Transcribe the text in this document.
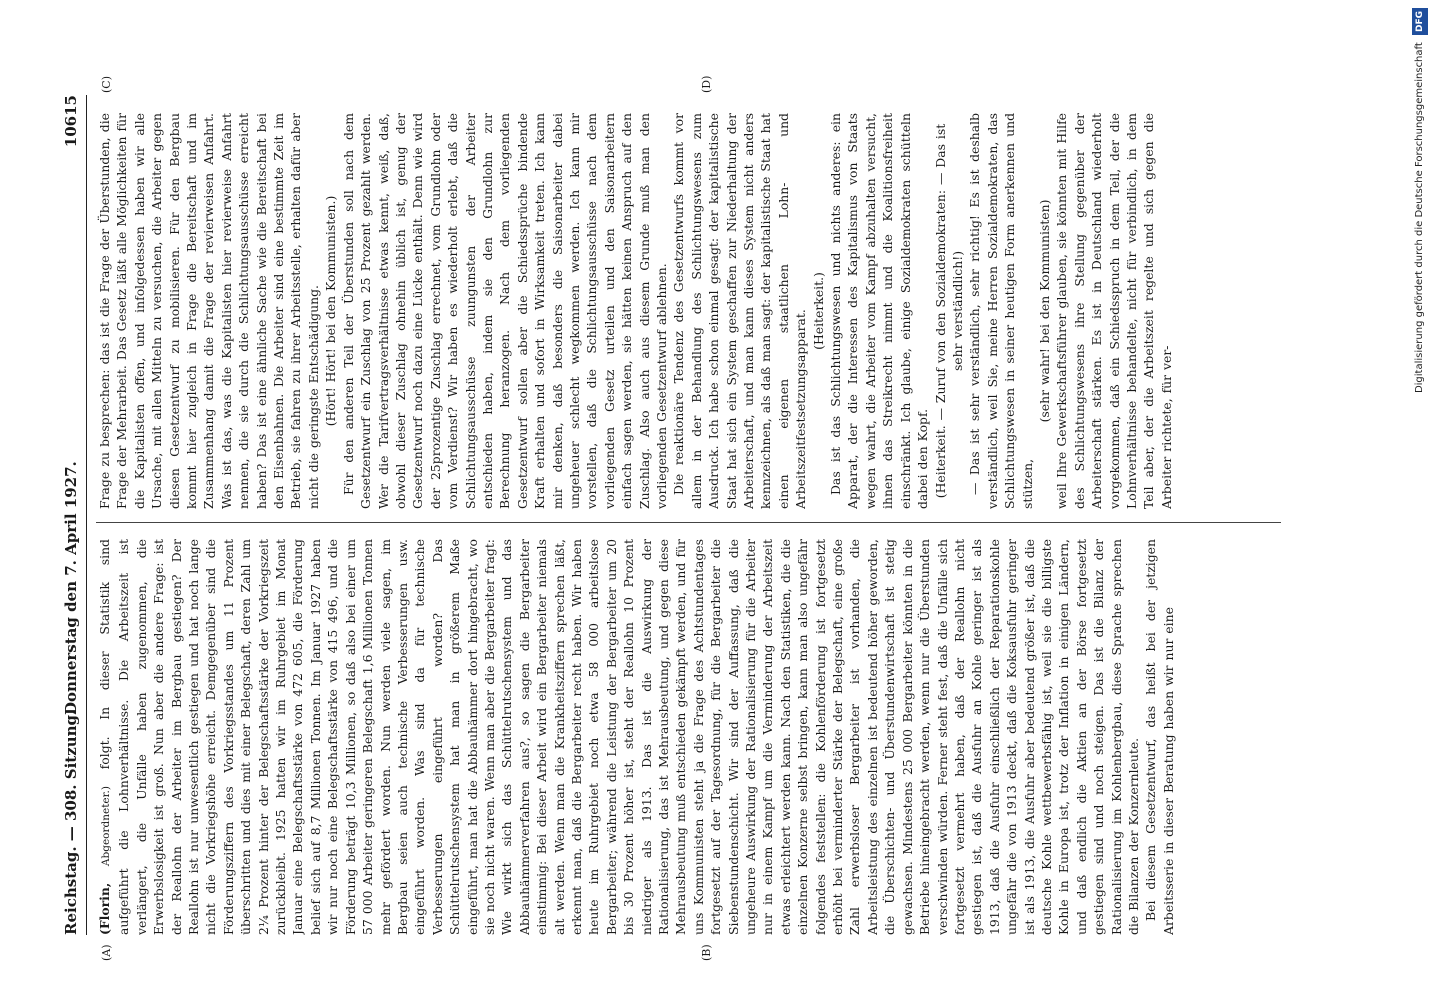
Reichstag. — 308. Sitzung.
Donnerstag den 7. April 1927.
10615
(A)	(B)
(C)	(D)

(Florin, Abgeordneter.) folgt. In dieser Statistik sind aufgeführt die Lohnverhältnisse. Die Arbeitszeit ist verlängert, die Unfälle haben zugenommen, die Erwerbslosigkeit ist groß. Nun aber die andere Frage: ist der Reallohn der Arbeiter im Bergbau gestiegen? Der Reallohn ist nur unwesentlich gestiegen und hat noch lange nicht die Vorkriegshöhe erreicht. Demgegenüber sind die Förderungsziffern des Vorkriegsstandes um 11 Prozent überschritten und dies mit einer Belegschaft, deren Zahl um 2¼ Prozent hinter der Belegschaftsstärke der Vorkriegszeit zurückbleibt. 1925 hatten wir im Ruhrgebiet im Monat Januar eine Belegschaftsstärke von 472 605, die Förderung belief sich auf 8,7 Millionen Tonnen. Im Januar 1927 haben wir nur noch eine Belegschaftsstärke von 415 496, und die Förderung beträgt 10,3 Millionen, so daß also bei einer um 57 000 Arbeiter geringeren Belegschaft 1,6 Millionen Tonnen mehr gefördert worden. Nun werden viele sagen, im Bergbau seien auch technische Verbesserungen usw. eingeführt worden. Was sind da für technische Verbesserungen eingeführt worden? Das Schüttelrutschensystem hat man in größerem Maße eingeführt, man hat die Abbauhämmer dort hingebracht, wo sie noch nicht waren. Wenn man aber die Bergarbeiter fragt: Wie wirkt sich das Schüttelrutschensystem und das Abbauhämmerverfahren aus?, so sagen die Bergarbeiter einstimmig: Bei dieser Arbeit wird ein Bergarbeiter niemals alt werden. Wenn man die Krankheitsziffern sprechen läßt, erkennt man, daß die Bergarbeiter recht haben. Wir haben heute im Ruhrgebiet noch etwa 58 000 arbeitslose Bergarbeiter; während die Leistung der Bergarbeiter um 20 bis 30 Prozent höher ist, steht der Reallohn 10 Prozent niedriger als 1913. Das ist die Auswirkung der Rationalisierung, das ist Mehrausbeutung, und gegen diese Mehrausbeutung muß entschieden gekämpft werden, und für uns Kommunisten steht ja die Frage des Achtstundentages fortgesetzt auf der Tagesordnung, für die Bergarbeiter die Siebenstundenschicht. Wir sind der Auffassung, daß die ungeheure Auswirkung der Rationalisierung für die Arbeiter nur in einem Kampf um die Verminderung der Arbeitszeit etwas erleichtert werden kann. Nach den Statistiken, die die einzelnen Konzerne selbst bringen, kann man also ungefähr folgendes feststellen: die Kohlenförderung ist fortgesetzt erhöht bei verminderter Stärke der Belegschaft, eine große Zahl erwerbsloser Bergarbeiter ist vorhanden, die Arbeitsleistung des einzelnen ist bedeutend höher geworden, die Überschichten- und Überstundenwirtschaft ist stetig gewachsen. Mindestens 25 000 Bergarbeiter könnten in die Betriebe hineingebracht werden, wenn nur die Überstunden verschwinden würden. Ferner steht fest, daß die Unfälle sich fortgesetzt vermehrt haben, daß der Reallohn nicht gestiegen ist, daß die Ausfuhr an Kohle geringer ist als 1913, daß die Ausfuhr einschließlich der Reparationskohle ungefähr die von 1913 deckt, daß die Koksausfuhr geringer ist als 1913, die Ausfuhr aber bedeutend größer ist, daß die deutsche Kohle wettbewerbsfähig ist, weil sie die billigste Kohle in Europa ist, trotz der Inflation in einigen Ländern, und daß endlich die Aktien an der Börse fortgesetzt gestiegen sind und noch steigen. Das ist die Bilanz der Rationalisierung im Kohlenbergbau, diese Sprache sprechen die Bilanzen der Konzernleute. Bei diesem Gesetzentwurf, das heißt bei der jetzigen Arbeitsserie in dieser Beratung haben wir nur eine

Frage zu besprechen: das ist die Frage der Überstunden, die Frage der Mehrarbeit. Das Gesetz läßt alle Möglichkeiten für die Kapitalisten offen, und infolgedessen haben wir alle Ursache, mit allen Mitteln zu versuchen, die Arbeiter gegen diesen Gesetzentwurf zu mobilisieren. Für den Bergbau kommt hier zugleich in Frage die Bereitschaft und im Zusammenhang damit die Frage der revierweisen Anfahrt. Was ist das, was die Kapitalisten hier revierweise Anfahrt nennen, die sie durch die Schlichtungsausschüsse erreicht haben? Das ist eine ähnliche Sache wie die Bereitschaft bei den Eisenbahnen. Die Arbeiter sind eine bestimmte Zeit im Betrieb, sie fahren zu ihrer Arbeitsstelle, erhalten dafür aber nicht die geringste Entschädigung. (Hört! Hört! bei den Kommunisten.) Für den anderen Teil der Überstunden soll nach dem Gesetzentwurf ein Zuschlag von 25 Prozent gezahlt werden. Wer die Tarifvertragsverhältnisse etwas kennt, weiß, daß, obwohl dieser Zuschlag ohnehin üblich ist, genug der Gesetzentwurf noch dazu eine Lücke enthält. Denn wie wird der 25prozentige Zuschlag errechnet, vom Grundlohn oder vom Verdienst? Wir haben es wiederholt erlebt, daß die Schlichtungsausschüsse zuungunsten der Arbeiter entschieden haben, indem sie den Grundlohn zur Berechnung heranzogen. Nach dem vorliegenden Gesetzentwurf sollen aber die Schiedssprüche bindende Kraft erhalten und sofort in Wirksamkeit treten. Ich kann mir denken, daß besonders die Saisonarbeiter dabei ungeheuer schlecht wegkommen werden. Ich kann mir vorstellen, daß die Schlichtungsausschüsse nach dem vorliegenden Gesetz urteilen und den Saisonarbeitern einfach sagen werden, sie hätten keinen Anspruch auf den Zuschlag. Also auch aus diesem Grunde muß man den vorliegenden Gesetzentwurf ablehnen. Die reaktionäre Tendenz des Gesetzentwurfs kommt vor allem in der Behandlung des Schlichtungswesens zum Ausdruck. Ich habe schon einmal gesagt: der kapitalistische Staat hat sich ein System geschaffen zur Niederhaltung der Arbeiterschaft, und man kann dieses System nicht anders kennzeichnen, als daß man sagt: der kapitalistische Staat hat einen eigenen staatlichen Lohn- und Arbeitszeitfestsetzungsapparat. (Heiterkeit.) Das ist das Schlichtungswesen und nichts anderes: ein Apparat, der die Interessen des Kapitalismus von Staats wegen wahrt, die Arbeiter vom Kampf abzuhalten versucht, ihnen das Streikrecht nimmt und die Koalitionsfreiheit einschränkt. Ich glaube, einige Sozialdemokraten schütteln dabei den Kopf. (Heiterkeit. — Zuruf von den Sozialdemokraten: — Das ist sehr verständlich!) — Das ist sehr verständlich, sehr richtig! Es ist deshalb verständlich, weil Sie, meine Herren Sozialdemokraten, das Schlichtungswesen in seiner heutigen Form anerkennen und stützen,

(sehr wahr! bei den Kommunisten) weil Ihre Gewerkschaftsführer glauben, sie könnten mit Hilfe des Schlichtungswesens ihre Stellung gegenüber der Arbeiterschaft stärken. Es ist in Deutschland wiederholt vorgekommen, daß ein Schiedsspruch in dem Teil, der die Lohnverhältnisse behandelte, nicht für verbindlich, in dem Teil aber, der die Arbeitszeit regelte und sich gegen die Arbeiter richtete, für ver-

Digitalisierung gefördert durch die Deutsche Forschungsgemeinschaft DFG
